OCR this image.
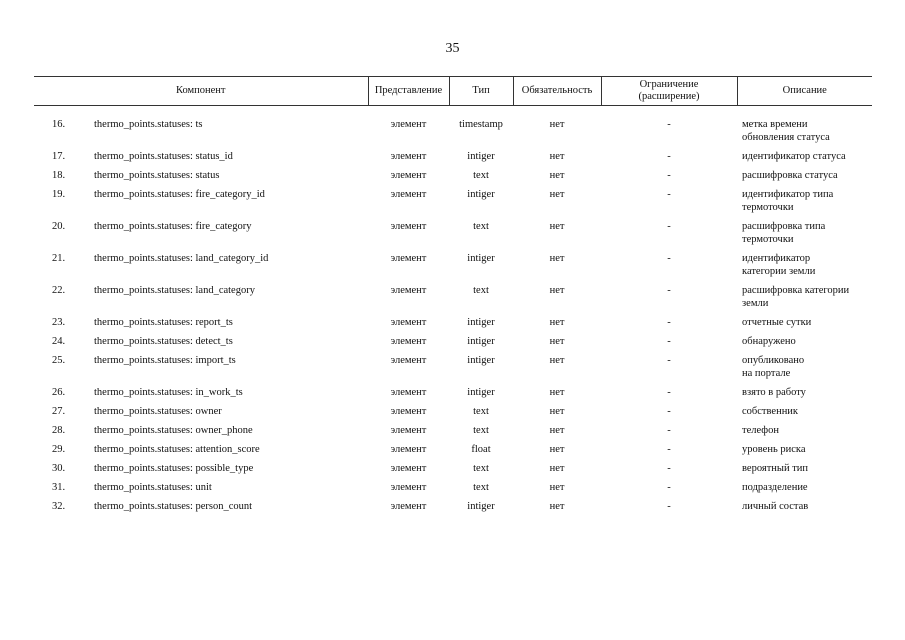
35
Компонент		Представление	Тип	Обязательность	Ограничение
(расширение)	Описание

16.	thermo_points.statuses: ts	элемент	timestamp	нет	-	метка времени
обновления статуса
17.	thermo_points.statuses: status_id	элемент	intiger	нет	-	идентификатор статуса
18.	thermo_points.statuses: status	элемент	text	нет	-	расшифровка статуса
19.	thermo_points.statuses: fire_category_id	элемент	intiger	нет	-	идентификатор типа
термоточки
20.	thermo_points.statuses: fire_category	элемент	text	нет	-	расшифровка типа
термоточки
21.	thermo_points.statuses: land_category_id	элемент	intiger	нет	-	идентификатор
категории земли
22.	thermo_points.statuses: land_category	элемент	text	нет	-	расшифровка категории
земли
23.	thermo_points.statuses: report_ts	элемент	intiger	нет	-	отчетные сутки
24.	thermo_points.statuses: detect_ts	элемент	intiger	нет	-	обнаружено
25.	thermo_points.statuses: import_ts	элемент	intiger	нет	-	опубликовано
на портале
26.	thermo_points.statuses: in_work_ts	элемент	intiger	нет	-	взято в работу
27.	thermo_points.statuses: owner	элемент	text	нет	-	собственник
28.	thermo_points.statuses: owner_phone	элемент	text	нет	-	телефон
29.	thermo_points.statuses: attention_score	элемент	float	нет	-	уровень риска
30.	thermo_points.statuses: possible_type	элемент	text	нет	-	вероятный тип
31.	thermo_points.statuses: unit	элемент	text	нет	-	подразделение
32.	thermo_points.statuses: person_count	элемент	intiger	нет	-	личный состав
